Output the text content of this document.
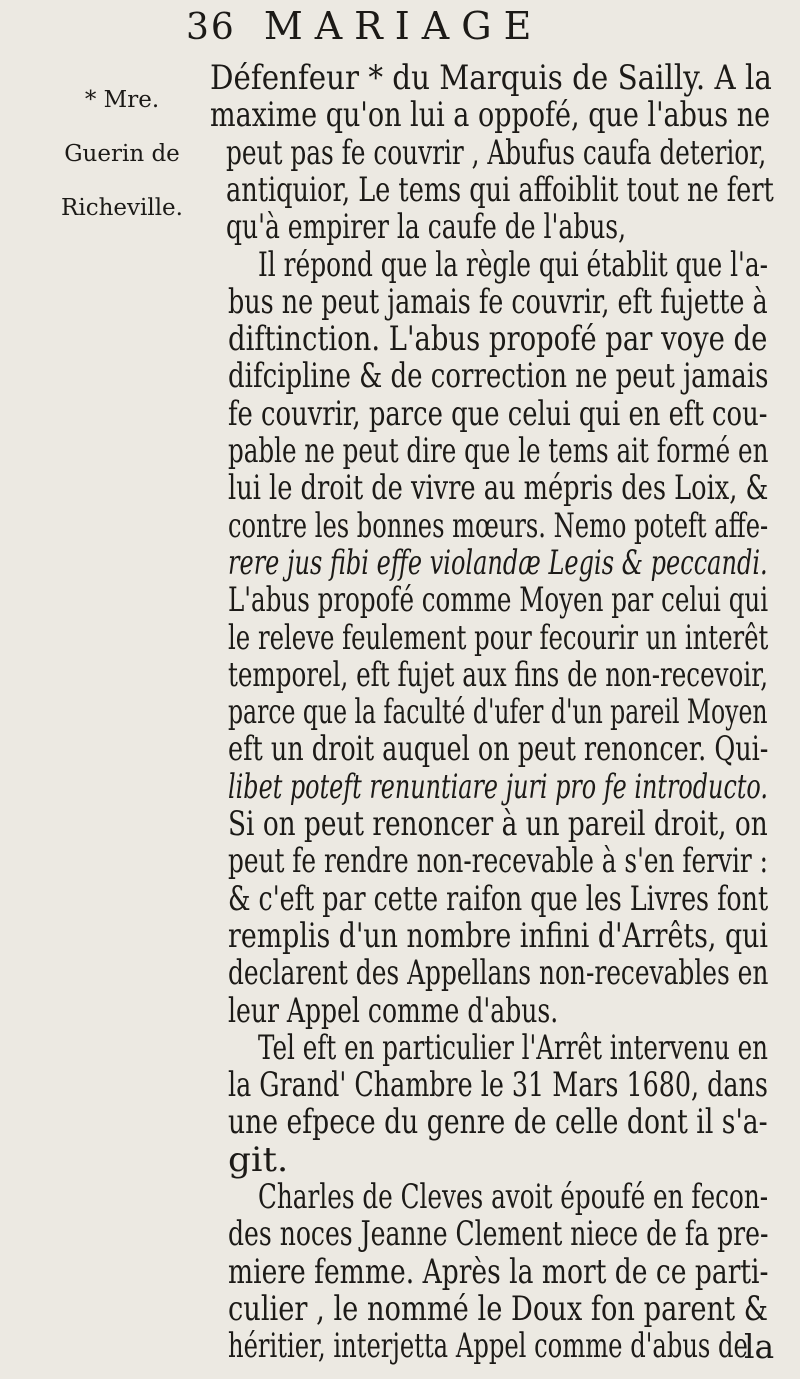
36 MARIAGE

* Mre.

Guerin de

Richeville.

Défenfeur * du Marquis de Sailly. A la
maxime qu'on lui a oppofé, que l'abus ne
peut pas fe couvrir , Abufus caufa deterior,
antiquior, Le tems qui affoiblit tout ne fert
qu'à empirer la caufe de l'abus,
Il répond que la règle qui établit que l'a-
bus ne peut jamais fe couvrir, eft fujette à
diftinction. L'abus propofé par voye de
difcipline & de correction ne peut jamais
fe couvrir, parce que celui qui en eft cou-
pable ne peut dire que le tems ait formé en
lui le droit de vivre au mépris des Loix, &
contre les bonnes mœurs. Nemo poteft affe-
rere jus fibi effe violandæ Legis & peccandi.
L'abus propofé comme Moyen par celui qui
le releve feulement pour fecourir un interêt
temporel, eft fujet aux fins de non-recevoir,
parce que la faculté d'ufer d'un pareil Moyen
eft un droit auquel on peut renoncer. Qui-
libet poteft renuntiare juri pro fe introducto.
Si on peut renoncer à un pareil droit, on
peut fe rendre non-recevable à s'en fervir :
& c'eft par cette raifon que les Livres font
remplis d'un nombre infini d'Arrêts, qui
declarent des Appellans non-recevables en
leur Appel comme d'abus.
Tel eft en particulier l'Arrêt intervenu en
la Grand' Chambre le 31 Mars 1680, dans
une efpece du genre de celle dont il s'a-
git.
Charles de Cleves avoit époufé en fecon-
des noces Jeanne Clement niece de fa pre-
miere femme. Après la mort de ce parti-
culier , le nommé le Doux fon parent &
héritier, interjetta Appel comme d'abus de
la
